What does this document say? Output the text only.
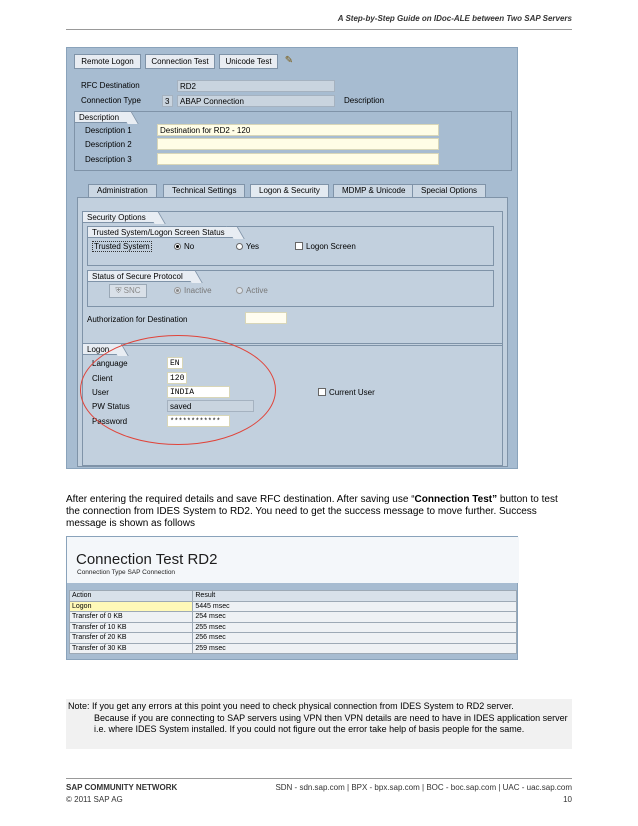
A Step-by-Step Guide on IDoc-ALE between Two SAP Servers
Remote Logon	Connection Test	Unicode Test	✎
RFC Destination	RD2
Connection Type	3	ABAP Connection	Description
Description
Description 1	Destination for RD2 - 120
Description 2
Description 3
Administration	Technical Settings	Logon & Security	MDMP & Unicode	Special Options
Security Options
Trusted System/Logon Screen Status
Trusted System	No	Yes	Logon Screen
Status of Secure Protocol
⛨ SNC	Inactive	Active
Authorization for Destination
Logon
Language	EN
Client	120
User	INDIA	Current User
PW Status	saved
Password	************
After entering the required details and save RFC destination. After saving use “Connection Test” button to test the connection from IDES System to RD2. You need to get the success message to move further. Success message is shown as follows
Connection Test RD2
Connection Type SAP Connection
Action	Result
Logon	5445 msec
Transfer of 0 KB	254 msec
Transfer of 10 KB	255 msec
Transfer of 20 KB	256 msec
Transfer of 30 KB	259 msec
Note: If you get any errors at this point you need to check physical connection from IDES System to RD2 server.
Because if you are connecting to SAP servers using VPN then VPN details are need to have in IDES application server i.e. where IDES System installed. If you could not figure out the error take help of basis people for the same.
SAP COMMUNITY NETWORK	SDN - sdn.sap.com | BPX - bpx.sap.com | BOC - boc.sap.com | UAC - uac.sap.com
© 2011 SAP AG	10
